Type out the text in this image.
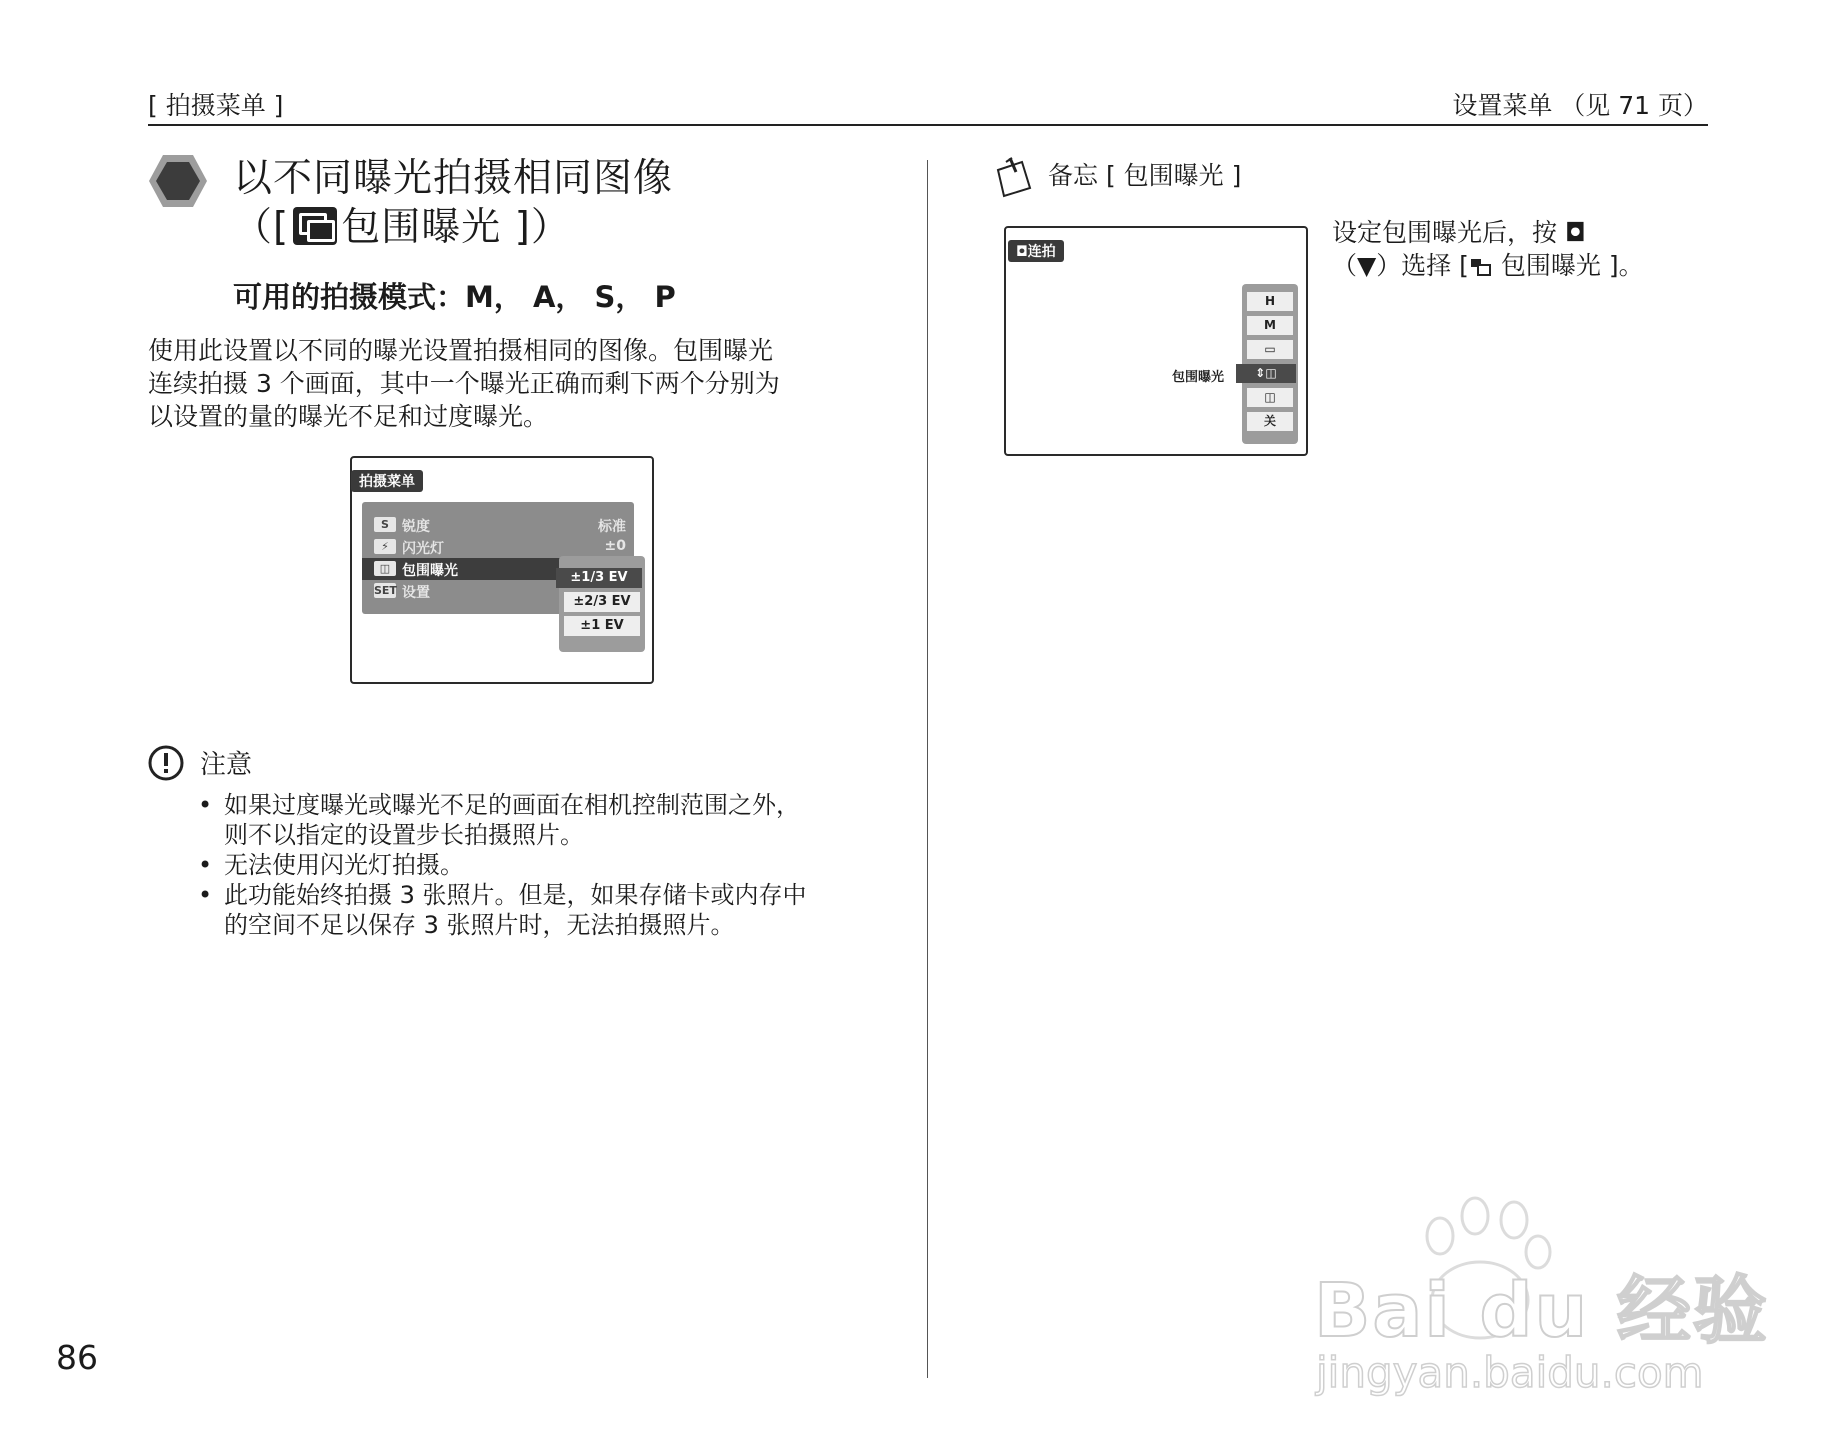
[ 拍摄菜单 ]	设置菜单 （见 71 页）
以不同曝光拍摄相同图像
（[ 包围曝光 ]）
可用的拍摄模式：M， A， S， P
使用此设置以不同的曝光设置拍摄相同的图像。包围曝光
连续拍摄 3 个画面，其中一个曝光正确而剩下两个分别为
以设置的量的曝光不足和过度曝光。
拍摄菜单
S 锐度	标准
⚡ 闪光灯	±0
◫ 包围曝光
SET 设置
±1/3 EV
±2/3 EV
±1 EV
注意
• 如果过度曝光或曝光不足的画面在相机控制范围之外，
则不以指定的设置步长拍摄照片。
• 无法使用闪光灯拍摄。
• 此功能始终拍摄 3 张照片。但是，如果存储卡或内存中
的空间不足以保存 3 张照片时，无法拍摄照片。
86
备忘 [ 包围曝光 ]
◘连拍
包围曝光
H
M
▭
⇕◫
◫
关
设定包围曝光后，按 ◘
（▼）选择 [ 包围曝光 ]。
Bai du 经验
jingyan.baidu.com
